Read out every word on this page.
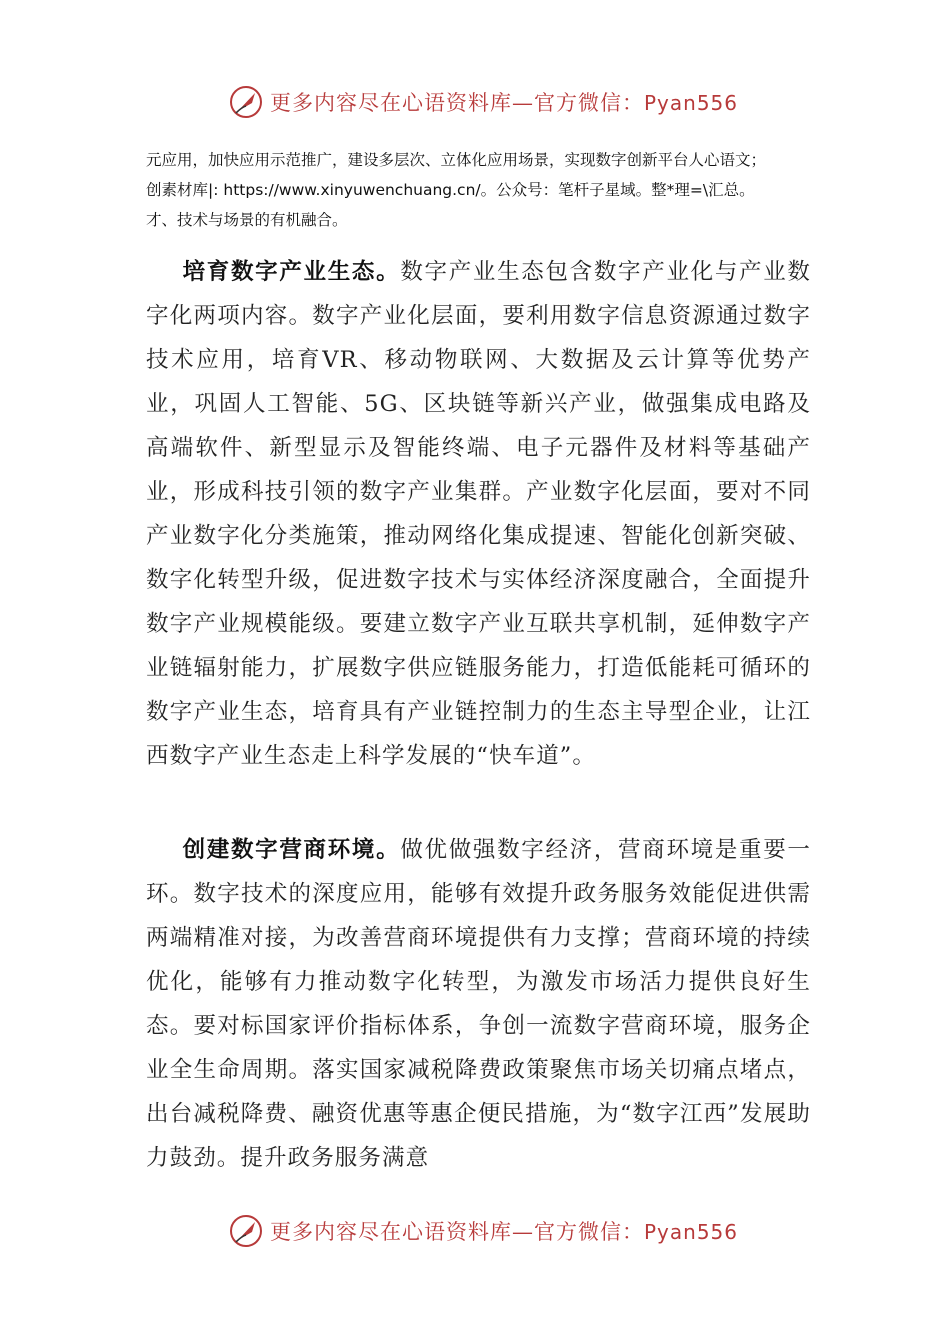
更多内容尽在心语资料库—官方微信：Pyan556
元应用，加快应用示范推广，建设多层次、立体化应用场景，实现数字创新平台人心语文；
创素材库|: https://www.xinyuwenchuang.cn/。公众号：笔杆子星域。整*理=\汇总。
才、技术与场景的有机融合。
培育数字产业生态。数字产业生态包含数字产业化与产业数字化两项内容。数字产业化层面，要利用数字信息资源通过数字技术应用，培育VR、移动物联网、大数据及云计算等优势产业，巩固人工智能、5G、区块链等新兴产业，做强集成电路及高端软件、新型显示及智能终端、电子元器件及材料等基础产业，形成科技引领的数字产业集群。产业数字化层面，要对不同产业数字化分类施策，推动网络化集成提速、智能化创新突破、数字化转型升级，促进数字技术与实体经济深度融合，全面提升数字产业规模能级。要建立数字产业互联共享机制，延伸数字产业链辐射能力，扩展数字供应链服务能力，打造低能耗可循环的数字产业生态，培育具有产业链控制力的生态主导型企业，让江西数字产业生态走上科学发展的“快车道”。
创建数字营商环境。做优做强数字经济，营商环境是重要一环。数字技术的深度应用，能够有效提升政务服务效能促进供需两端精准对接，为改善营商环境提供有力支撑；营商环境的持续优化，能够有力推动数字化转型，为激发市场活力提供良好生态。要对标国家评价指标体系，争创一流数字营商环境，服务企业全生命周期。落实国家减税降费政策聚焦市场关切痛点堵点，出台减税降费、融资优惠等惠企便民措施，为“数字江西”发展助力鼓劲。提升政务服务满意
更多内容尽在心语资料库—官方微信：Pyan556
